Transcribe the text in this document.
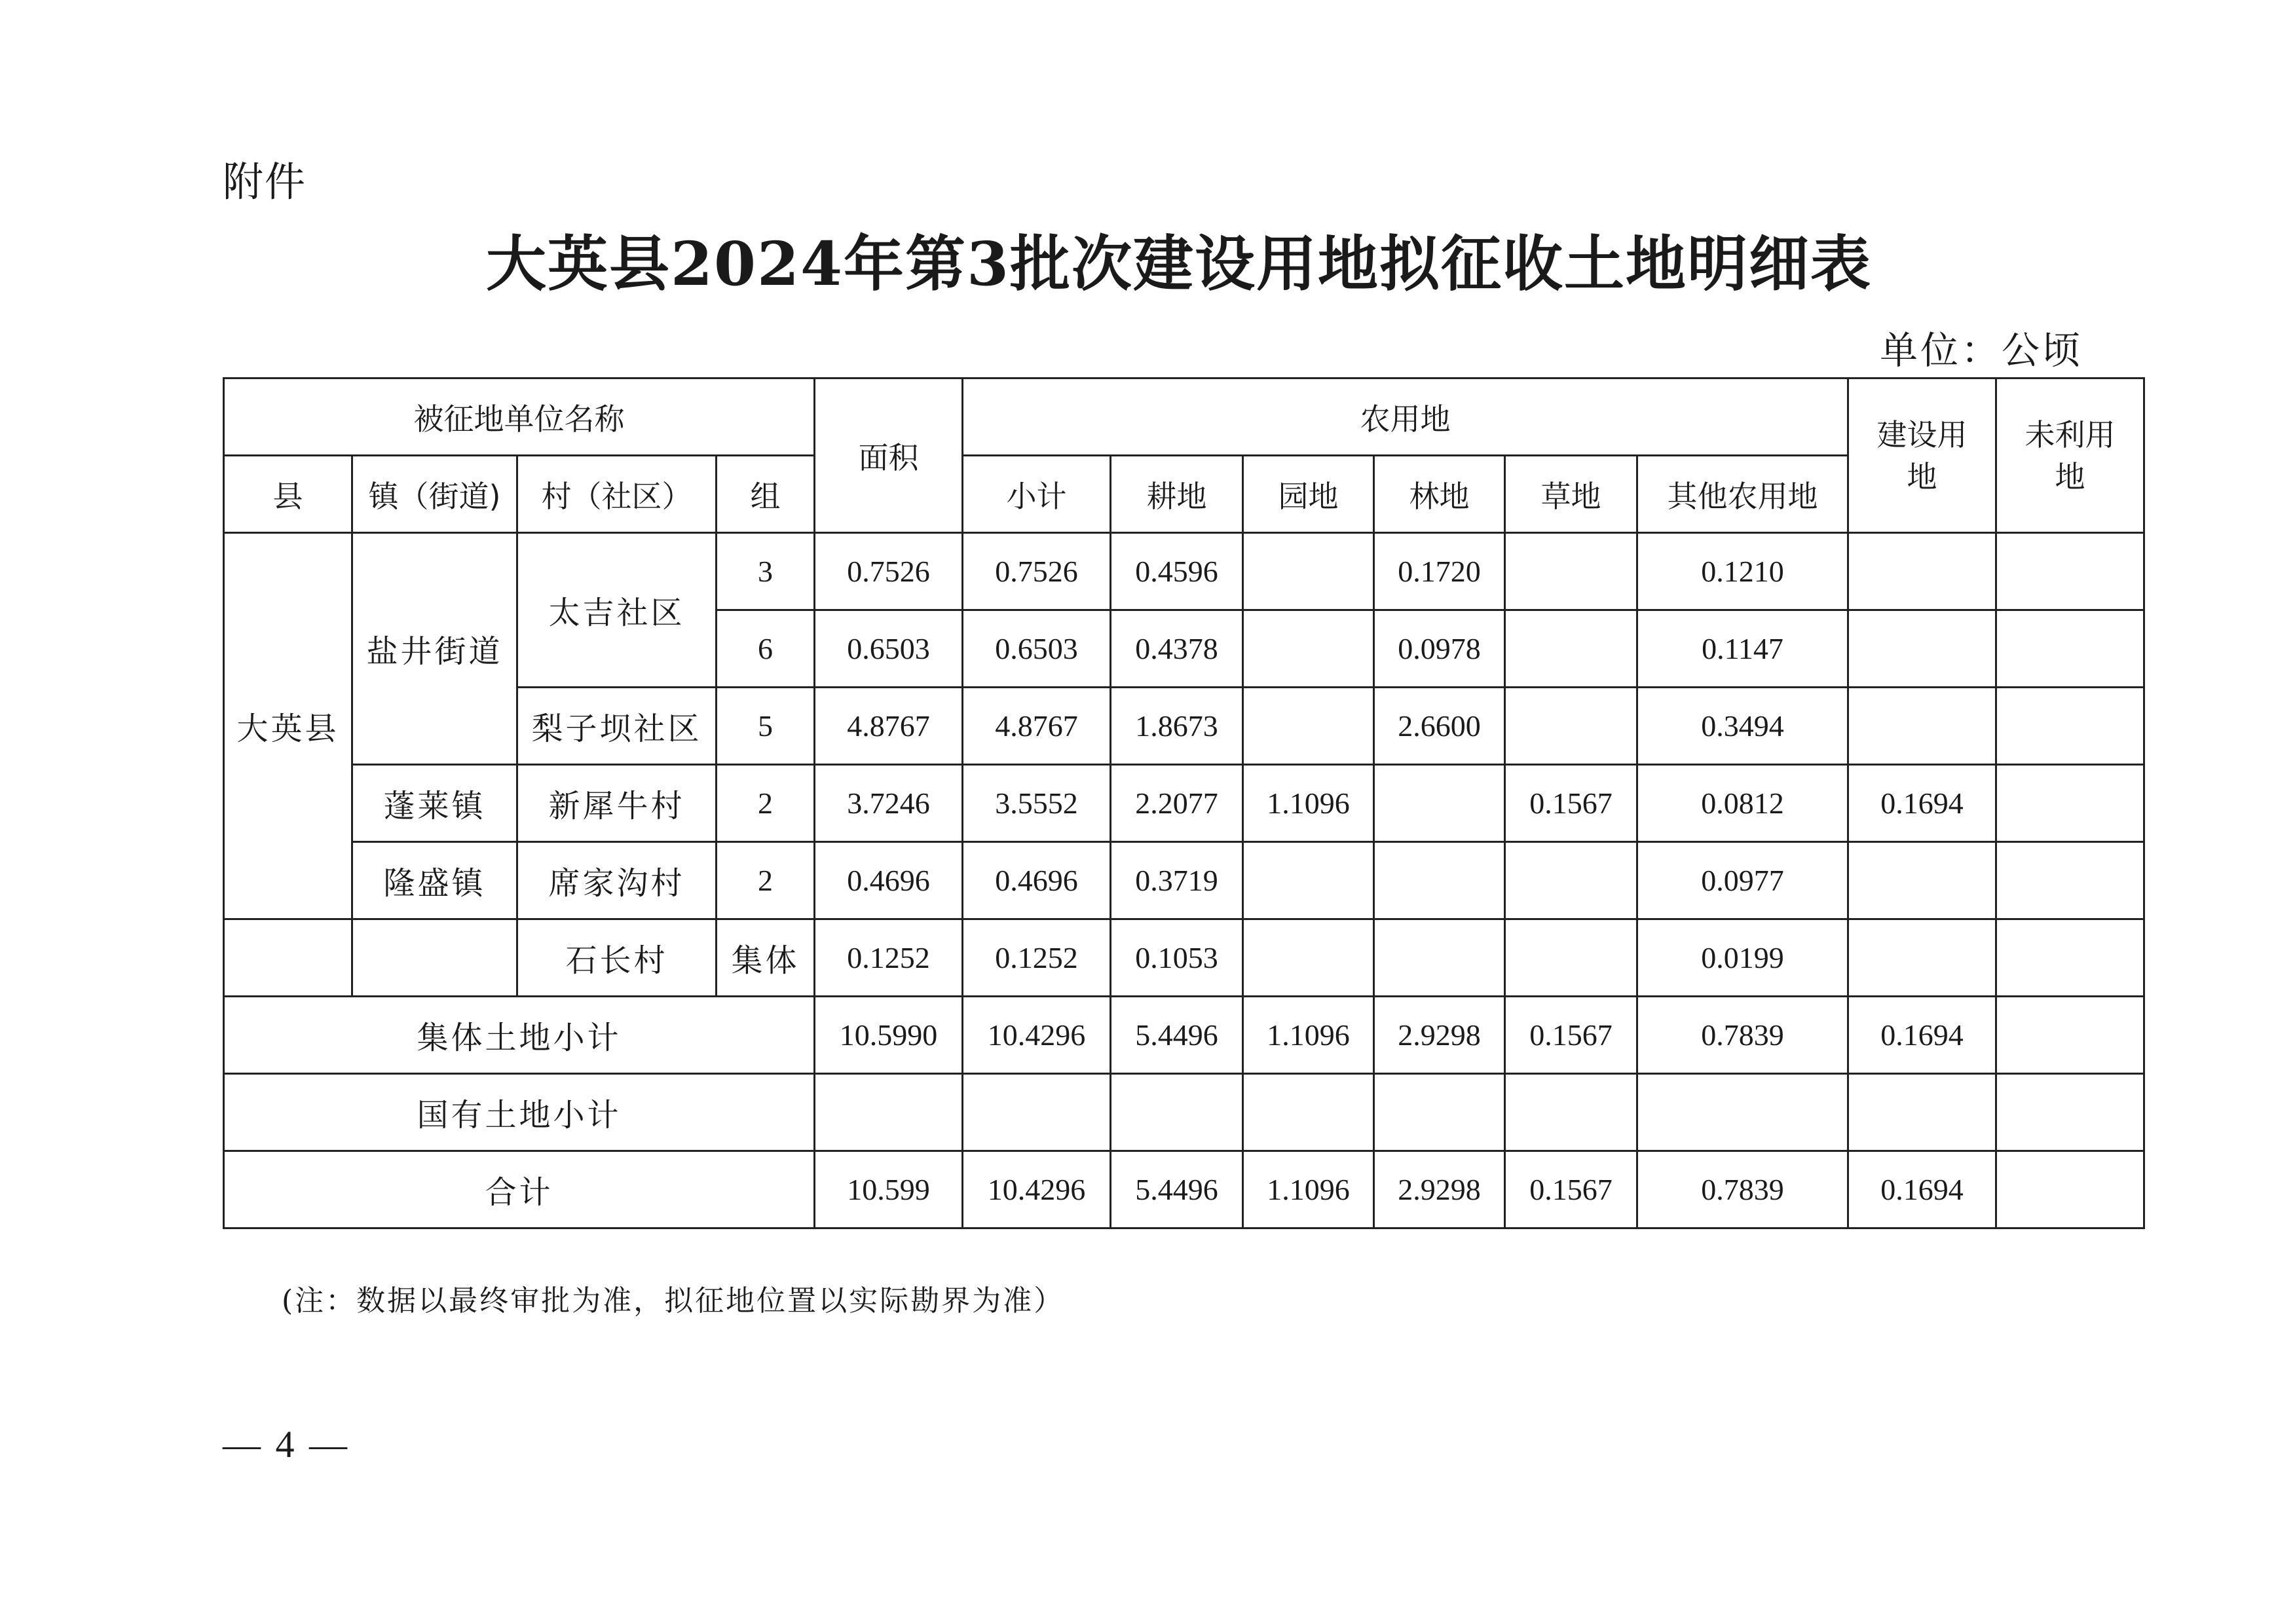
附件
大英县2024年第3批次建设用地拟征收土地明细表
单位：公顷
被征地单位名称				面积	农用地						建设用地	未利用地
县	镇（街道)	村（社区）	组		小计	耕地	园地	林地	草地	其他农用地		
大英县	盐井街道	太吉社区	3	0.7526	0.7526	0.4596		0.1720		0.1210		
			6	0.6503	0.6503	0.4378		0.0978		0.1147		
		梨子坝社区	5	4.8767	4.8767	1.8673		2.6600		0.3494		
	蓬莱镇	新犀牛村	2	3.7246	3.5552	2.2077	1.1096		0.1567	0.0812	0.1694	
	隆盛镇	席家沟村	2	0.4696	0.4696	0.3719				0.0977		
		石长村	集体	0.1252	0.1252	0.1053				0.0199		
集体土地小计				10.5990	10.4296	5.4496	1.1096	2.9298	0.1567	0.7839	0.1694	
国有土地小计												
合计				10.599	10.4296	5.4496	1.1096	2.9298	0.1567	0.7839	0.1694	
(注：数据以最终审批为准，拟征地位置以实际勘界为准）
— 4 —
